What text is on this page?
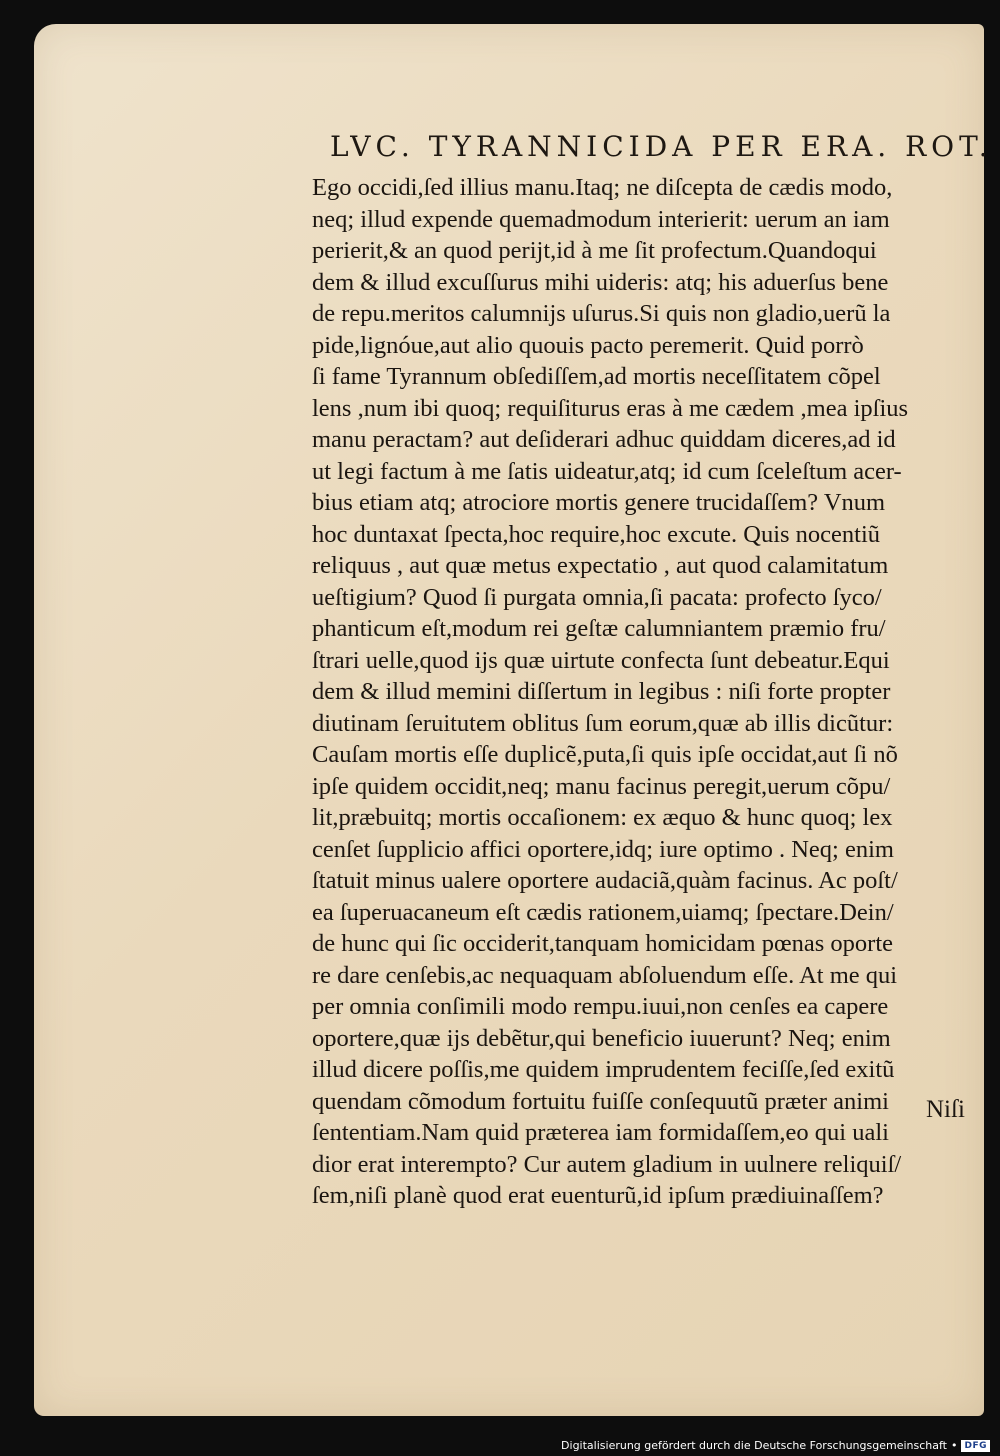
LVC. TYRANNICIDA PER ERA. ROT.
Ego occidi,ſed illius manu.Itaq; ne diſcepta de cædis modo,
neq; illud expende quemadmodum interierit: uerum an iam
perierit,& an quod perijt,id à me ſit profectum.Quandoqui
dem & illud excuſſurus mihi uideris: atq; his aduerſus bene
de repu.meritos calumnijs uſurus.Si quis non gladio,uerũ la
pide,lignóue,aut alio quouis pacto peremerit. Quid porrò
ſi fame Tyrannum obſediſſem,ad mortis neceſſitatem cõpel
lens ,num ibi quoq; requiſiturus eras à me cædem ,mea ipſius
manu peractam? aut deſiderari adhuc quiddam diceres,ad id
ut legi factum à me ſatis uideatur,atq; id cum ſceleſtum acer-
bius etiam atq; atrociore mortis genere trucidaſſem? Vnum
hoc duntaxat ſpecta,hoc require,hoc excute. Quis nocentiũ
reliquus , aut quæ metus expectatio , aut quod calamitatum
ueſtigium? Quod ſi purgata omnia,ſi pacata: profecto ſyco/
phanticum eſt,modum rei geſtæ calumniantem præmio fru/
ſtrari uelle,quod ijs quæ uirtute confecta ſunt debeatur.Equi
dem & illud memini diſſertum in legibus : niſi forte propter
diutinam ſeruitutem oblitus ſum eorum,quæ ab illis dicũtur:
Cauſam mortis eſſe duplicẽ,puta,ſi quis ipſe occidat,aut ſi nõ
ipſe quidem occidit,neq; manu facinus peregit,uerum cõpu/
lit,præbuitq; mortis occaſionem: ex æquo & hunc quoq; lex
cenſet ſupplicio affici oportere,idq; iure optimo . Neq; enim
ſtatuit minus ualere oportere audaciã,quàm facinus. Ac poſt/
ea ſuperuacaneum eſt cædis rationem,uiamq; ſpectare.Dein/
de hunc qui ſic occiderit,tanquam homicidam pœnas oporte
re dare cenſebis,ac nequaquam abſoluendum eſſe. At me qui
per omnia conſimili modo rempu.iuui,non cenſes ea capere
oportere,quæ ijs debẽtur,qui beneficio iuuerunt? Neq; enim
illud dicere poſſis,me quidem imprudentem feciſſe,ſed exitũ
quendam cõmodum fortuitu fuiſſe conſequutũ præter animi
ſententiam.Nam quid præterea iam formidaſſem,eo qui uali
dior erat interempto? Cur autem gladium in uulnere reliquiſ/
ſem,niſi planè quod erat euenturũ,id ipſum prædiuinaſſem?
Niſi
Digitalisierung gefördert durch die Deutsche Forschungsgemeinschaft • DFG
